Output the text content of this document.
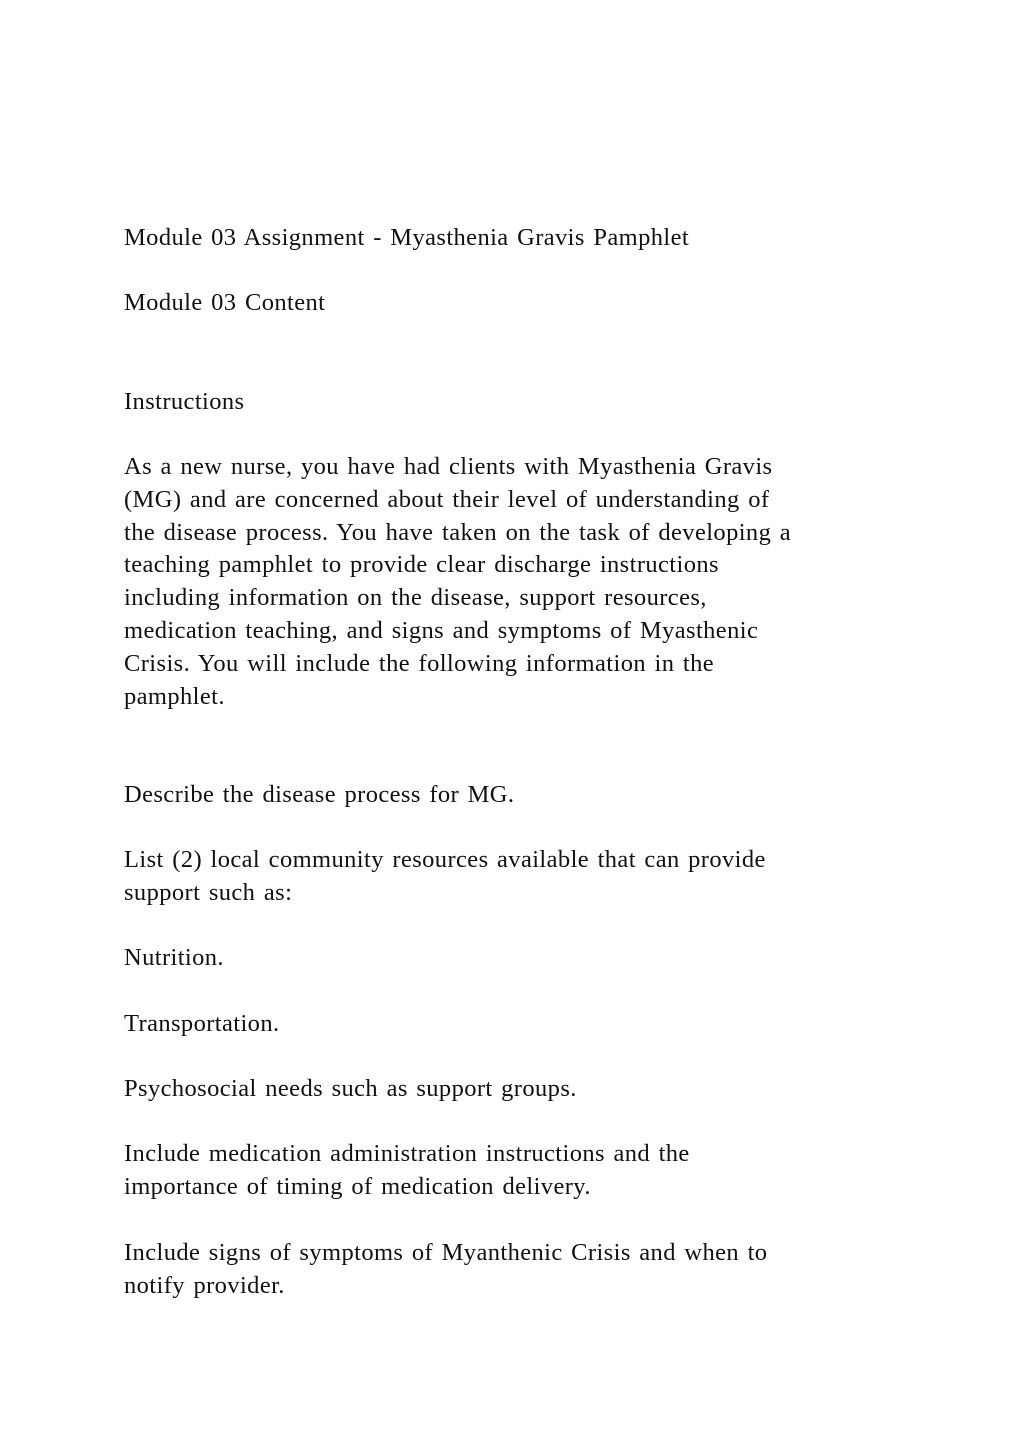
Module 03 Assignment - Myasthenia Gravis Pamphlet
Module 03 Content
Instructions
As a new nurse, you have had clients with Myasthenia Gravis
(MG) and are concerned about their level of understanding of
the disease process. You have taken on the task of developing a
teaching pamphlet to provide clear discharge instructions
including information on the disease, support resources,
medication teaching, and signs and symptoms of Myasthenic
Crisis. You will include the following information in the
pamphlet.
Describe the disease process for MG.
List (2) local community resources available that can provide
support such as:
Nutrition.
Transportation.
Psychosocial needs such as support groups.
Include medication administration instructions and the
importance of timing of medication delivery.
Include signs of symptoms of Myanthenic Crisis and when to
notify provider.
